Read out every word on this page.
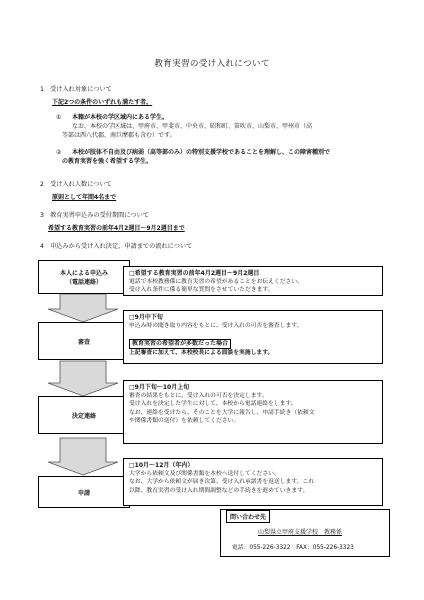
教育実習の受け入れについて
1　受け入れ対象について
下記2つの条件のいずれも満たす者。
① 本籍が本校の学区域内にある学生。
なお、本校の学区域は、甲府市、甲斐市、中央市、昭和町、笛吹市、山梨市、甲州市（高
等部は西八代郡、南巨摩郡も含む）です。
② 本校が肢体不自由及び病弱（高等部のみ）の特別支援学校であることを理解し、この障害種別で
の教育実習を強く希望する学生。
2　受け入れ人数について
原則として年間4名まで
3　教育実習申込みの受付期間について
希望する教育実習の前年4月2週目～9月2週目まで
4　申込みから受け入れ決定、申請までの流れについて
本人による申込み
（電話連絡）
□希望する教育実習の前年4月2週目～9月2週目
電話で本校教務係に教育実習の希望があることをお伝えください。
受け入れ条件に係る簡単な質問をさせていただきます。
審査
□9月中下旬
申込み時の聞き取り内容をもとに、受け入れの可否を審査します。
教育実習の希望者が多数だった場合
上記審査に加えて、本校校長による面談を実施します。
決定連絡
□9月下旬～10月上旬
審査の結果をもとに、受け入れの可否を決定します。
受け入れを決定した学生に対して、本校から電話連絡をします。
なお、連絡を受けたら、そのことを大学に報告し、申請手続き（依頼文
や関係書類の送付）を依頼してください。
申請
□10月～12月（年内）
大学から依頼文及び関係書類を本校へ送付してください。
なお、大学から依頼文が届き次第、受け入れ承諾書を返送します。これ
以降、教育実習の受け入れ期間調整などの手続きを進めていきます。
問い合わせ先
山梨県立甲府支援学校　教務係
電話：055-226-3322　FAX：055-226-3323
